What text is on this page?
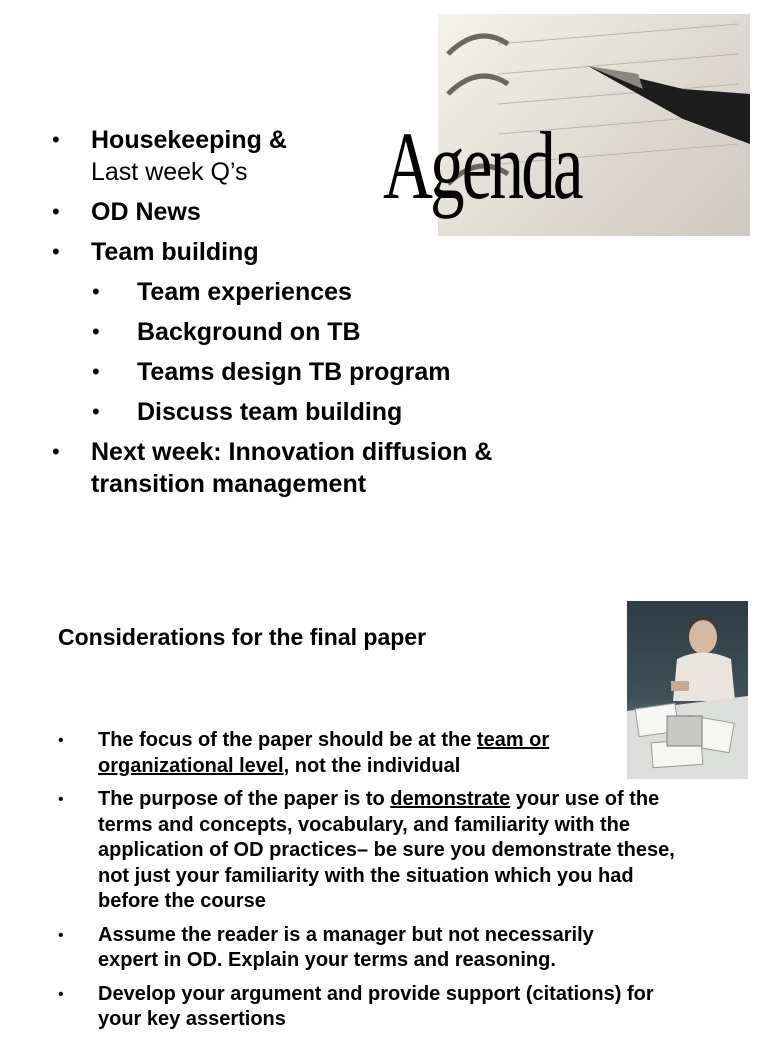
Agenda
• Housekeeping &
Last week Q’s
• OD News
• Team building
• Team experiences
• Background on TB
• Teams design TB program
• Discuss team building
• Next week: Innovation diffusion & transition management
Considerations for the final paper
• The focus of the paper should be at the team or organizational level, not the individual
• The purpose of the paper is to demonstrate your use of the terms and concepts, vocabulary, and familiarity with the application of OD practices– be sure you demonstrate these, not just your familiarity with the situation which you had before the course
• Assume the reader is a manager but not necessarily expert in OD. Explain your terms and reasoning.
• Develop your argument and provide support (citations) for your key assertions
